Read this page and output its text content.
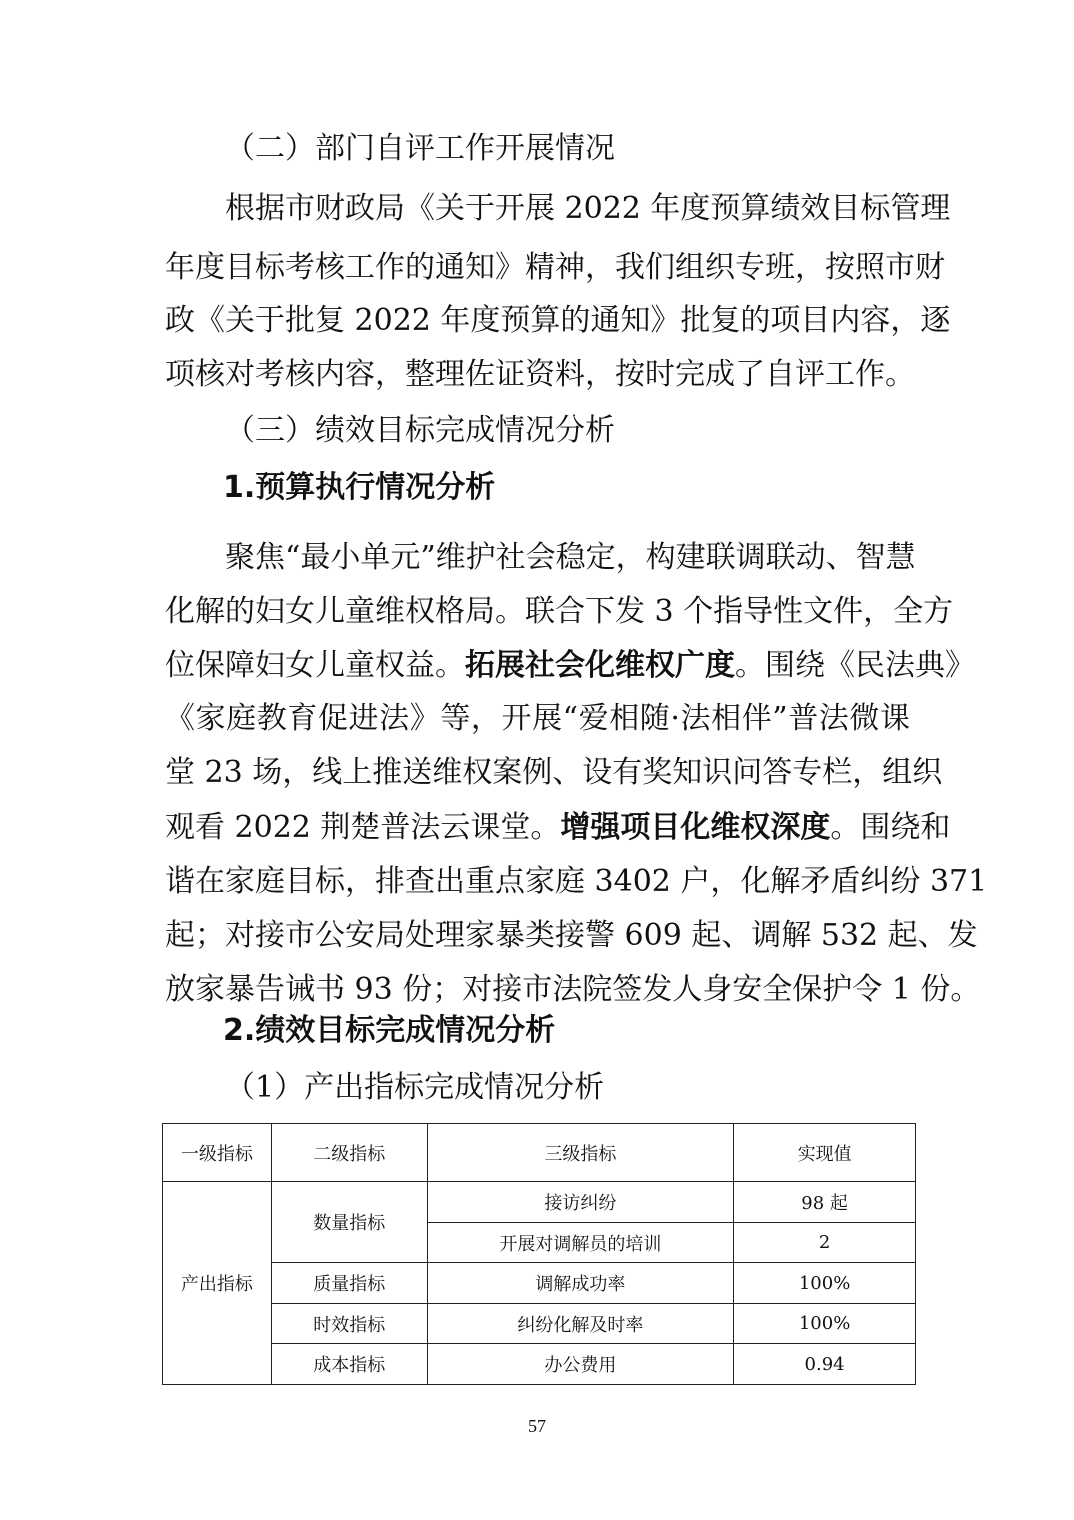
（二）部门自评工作开展情况
根据市财政局《关于开展 2022 年度预算绩效目标管理
年度目标考核工作的通知》精神，我们组织专班，按照市财
政《关于批复 2022 年度预算的通知》批复的项目内容，逐
项核对考核内容，整理佐证资料，按时完成了自评工作。
（三）绩效目标完成情况分析
1.预算执行情况分析
聚焦“最小单元”维护社会稳定，构建联调联动、智慧
化解的妇女儿童维权格局。联合下发 3 个指导性文件，全方
位保障妇女儿童权益。 拓展社会化维权广度 。围绕《民法典》
《家庭教育促进法》等，开展“爱相随·法相伴”普法微课
堂 23 场，线上推送维权案例、设有奖知识问答专栏，组织
观看 2022 荆楚普法云课堂。 增强项目化维权深度 。围绕和
谐在家庭目标，排查出重点家庭 3402 户，化解矛盾纠纷 371
起；对接市公安局处理家暴类接警 609 起、调解 532 起、发
放家暴告诫书 93 份；对接市法院签发人身安全保护令 1 份。
2.绩效目标完成情况分析
（1）产出指标完成情况分析
一级指标	二级指标	三级指标	实现值
产出指标	数量指标	接访纠纷	98 起
		开展对调解员的培训	2
	质量指标	调解成功率	100%
	时效指标	纠纷化解及时率	100%
	成本指标	办公费用	0.94
57
